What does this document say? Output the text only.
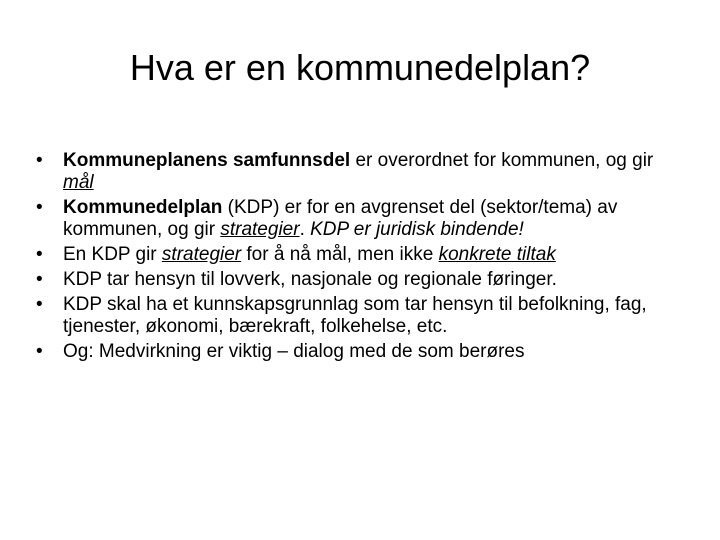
Hva er en kommunedelplan?
•	Kommuneplanens samfunnsdel er overordnet for kommunen, og gir mål
•	Kommunedelplan (KDP) er for en avgrenset del (sektor/tema) av kommunen, og gir strategier. KDP er juridisk bindende!
•	En KDP gir strategier for å nå mål, men ikke konkrete tiltak
•	KDP tar hensyn til lovverk, nasjonale og regionale føringer.
•	KDP skal ha et kunnskapsgrunnlag som tar hensyn til befolkning, fag, tjenester, økonomi, bærekraft, folkehelse, etc.
•	Og: Medvirkning er viktig – dialog med de som berøres
